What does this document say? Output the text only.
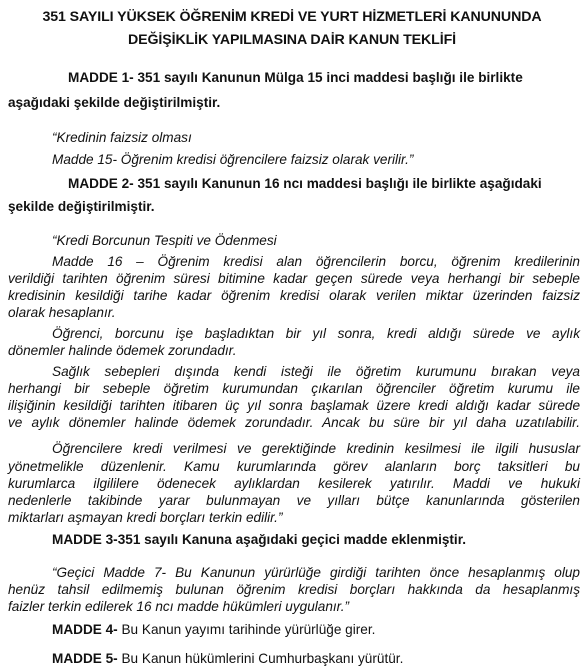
351 SAYILI YÜKSEK ÖĞRENİM KREDİ VE YURT HİZMETLERİ KANUNUNDA
DEĞİŞİKLİK YAPILMASINA DAİR KANUN TEKLİFİ
MADDE 1- 351 sayılı Kanunun Mülga 15 inci maddesi başlığı ile birlikte
aşağıdaki şekilde değiştirilmiştir.
“Kredinin faizsiz olması
Madde 15- Öğrenim kredisi öğrencilere faizsiz olarak verilir.”
MADDE 2- 351 sayılı Kanunun 16 ncı maddesi başlığı ile birlikte aşağıdaki
şekilde değiştirilmiştir.
“Kredi Borcunun Tespiti ve Ödenmesi
Madde 16 – Öğrenim kredisi alan öğrencilerin borcu, öğrenim kredilerinin
verildiği tarihten öğrenim süresi bitimine kadar geçen sürede veya herhangi bir sebeple
kredisinin kesildiği tarihe kadar öğrenim kredisi olarak verilen miktar üzerinden faizsiz
olarak hesaplanır.
Öğrenci, borcunu işe başladıktan bir yıl sonra, kredi aldığı sürede ve aylık
dönemler halinde ödemek zorundadır.
Sağlık sebepleri dışında kendi isteği ile öğretim kurumunu bırakan veya
herhangi bir sebeple öğretim kurumundan çıkarılan öğrenciler öğretim kurumu ile
ilişiğinin kesildiği tarihten itibaren üç yıl sonra başlamak üzere kredi aldığı kadar sürede
ve aylık dönemler halinde ödemek zorundadır. Ancak bu süre bir yıl daha uzatılabilir.
Öğrencilere kredi verilmesi ve gerektiğinde kredinin kesilmesi ile ilgili hususlar
yönetmelikle düzenlenir. Kamu kurumlarında görev alanların borç taksitleri bu
kurumlarca ilgililere ödenecek aylıklardan kesilerek yatırılır. Maddi ve hukuki
nedenlerle takibinde yarar bulunmayan ve yılları bütçe kanunlarında gösterilen
miktarları aşmayan kredi borçları terkin edilir.”
MADDE 3-351 sayılı Kanuna aşağıdaki geçici madde eklenmiştir.
“Geçici Madde 7- Bu Kanunun yürürlüğe girdiği tarihten önce hesaplanmış olup
henüz tahsil edilmemiş bulunan öğrenim kredisi borçları hakkında da hesaplanmış
faizler terkin edilerek 16 ncı madde hükümleri uygulanır.”
MADDE 4- Bu Kanun yayımı tarihinde yürürlüğe girer.
MADDE 5- Bu Kanun hükümlerini Cumhurbaşkanı yürütür.
